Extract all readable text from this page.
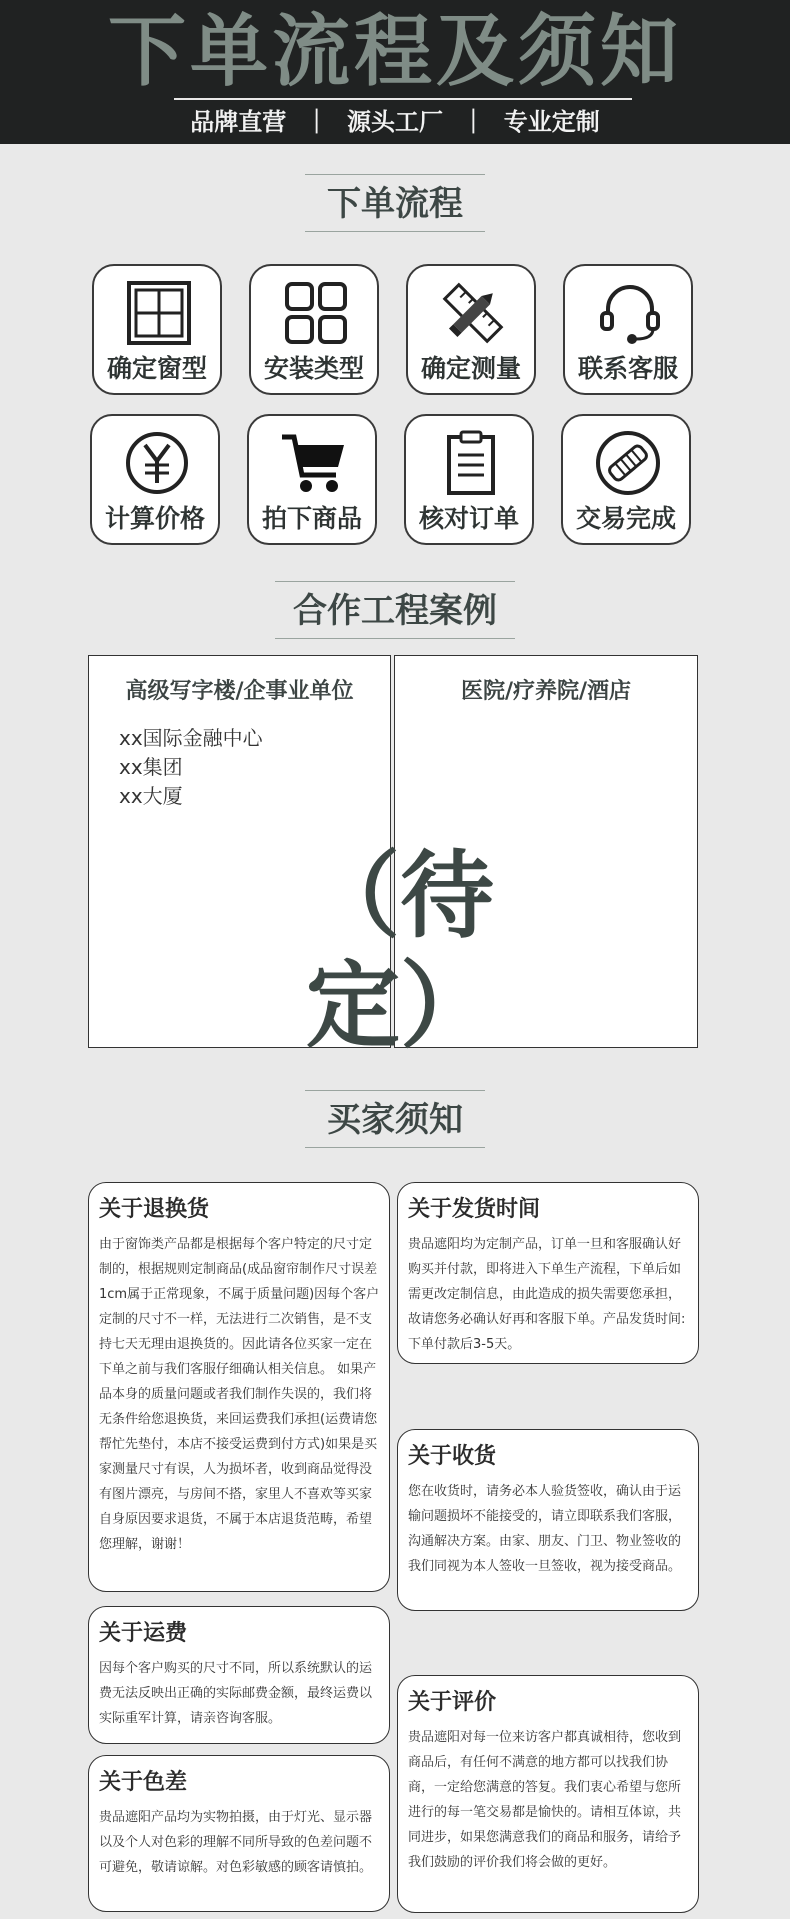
下单流程及须知
品牌直营 ｜ 源头工厂 ｜ 专业定制
下单流程
确定窗型	安装类型	确定测量	联系客服
计算价格	拍下商品	核对订单	交易完成
合作工程案例
高级写字楼/企事业单位
xx国际金融中心
xx集团
xx大厦
医院/疗养院/酒店
（待定）
买家须知
关于退换货

由于窗饰类产品都是根据每个客户特定的尺寸定制的，根据规则定制商品(成品窗帘制作尺寸误差1cm属于正常现象，不属于质量问题)因每个客户定制的尺寸不一样，无法进行二次销售，是不支持七天无理由退换货的。因此请各位买家一定在下单之前与我们客服仔细确认相关信息。 如果产品本身的质量问题或者我们制作失误的，我们将无条件给您退换货，来回运费我们承担(运费请您帮忙先垫付，本店不接受运费到付方式)如果是买家测量尺寸有误，人为损坏者，收到商品觉得没有图片漂亮，与房间不搭，家里人不喜欢等买家自身原因要求退货，不属于本店退货范畴，希望您理解，谢谢！

关于发货时间

贵品遮阳均为定制产品，订单一旦和客服确认好购买并付款，即将进入下单生产流程，下单后如需更改定制信息，由此造成的损失需要您承担，故请您务必确认好再和客服下单。产品发货时间:下单付款后3-5天。

关于收货

您在收货时，请务必本人验货签收，确认由于运输问题损坏不能接受的，请立即联系我们客服，沟通解决方案。由家、朋友、门卫、物业签收的我们同视为本人签收一旦签收，视为接受商品。

关于运费

因每个客户购买的尺寸不同，所以系统默认的运费无法反映出正确的实际邮费金额，最终运费以实际重军计算，请亲咨询客服。

关于评价

贵品遮阳对每一位来访客户都真诚相待，您收到商品后，有任何不满意的地方都可以找我们协商，一定给您满意的答复。我们衷心希望与您所进行的每一笔交易都是愉快的。请相互体谅，共同进步，如果您满意我们的商品和服务，请给予我们鼓励的评价我们将会做的更好。

关于色差

贵品遮阳产品均为实物拍摄，由于灯光、显示器以及个人对色彩的理解不同所导致的色差问题不可避免，敬请谅解。对色彩敏感的顾客请慎拍。
